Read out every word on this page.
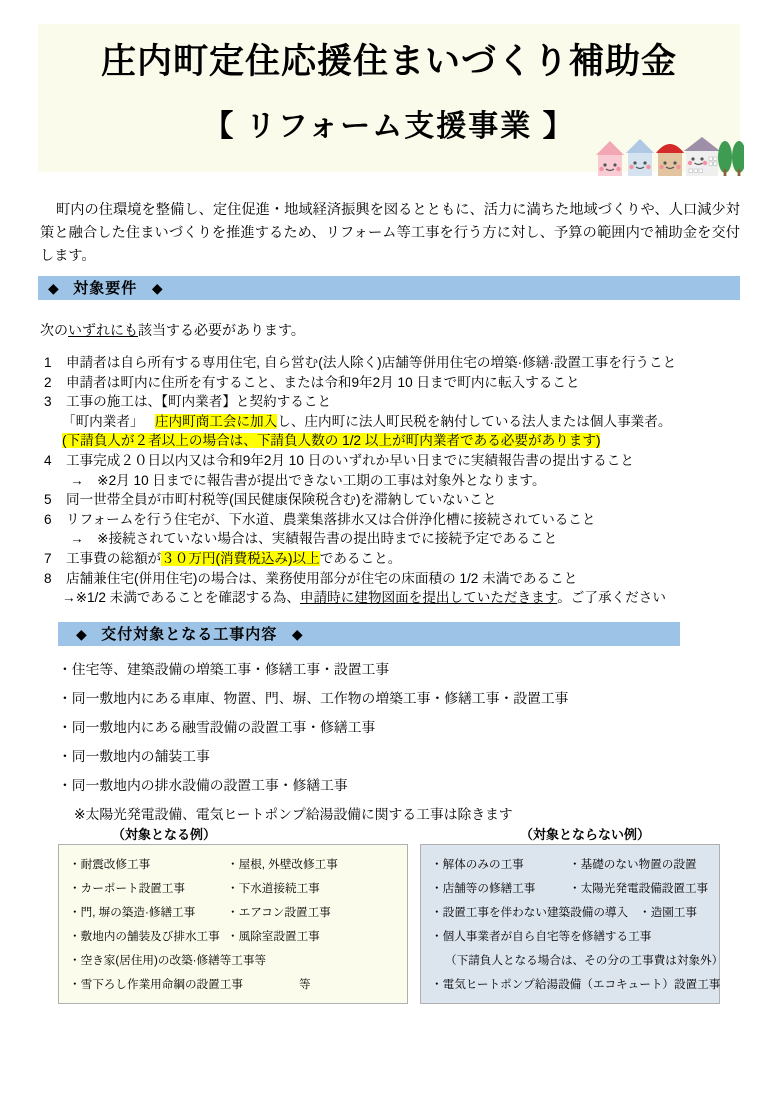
庄内町定住応援住まいづくり補助金
【 リフォーム支援事業 】

町内の住環境を整備し、定住促進・地域経済振興を図るとともに、活力に満ちた地域づくりや、人口減少対策と融合した住まいづくりを推進するため、リフォーム等工事を行う方に対し、予算の範囲内で補助金を交付します。

◆ 対象要件 ◆
次のいずれにも該当する必要があります。
1	申請者は自ら所有する専用住宅, 自ら営む(法人除く)店舗等併用住宅の増築·修繕·設置工事を行うこと
2	申請者は町内に住所を有すること、または令和9年2月 10 日まで町内に転入すること
3	工事の施工は、【町内業者】と契約すること
「町内業者」 庄内町商工会に加入し、庄内町に法人町民税を納付している法人または個人事業者。
(下請負人が２者以上の場合は、下請負人数の 1/2 以上が町内業者である必要があります)
4	工事完成２０日以内又は令和9年2月 10 日のいずれか早い日までに実績報告書の提出すること
→　※2月 10 日までに報告書が提出できない工期の工事は対象外となります。
5	同一世帯全員が市町村税等(国民健康保険税含む)を滞納していないこと
6	リフォームを行う住宅が、下水道、農業集落排水又は合併浄化槽に接続されていること
→　※接続されていない場合は、実績報告書の提出時までに接続予定であること
7	工事費の総額が３０万円(消費税込み)以上であること。
8	店舗兼住宅(併用住宅)の場合は、業務使用部分が住宅の床面積の 1/2 未満であること
→※1/2 未満であることを確認する為、申請時に建物図面を提出していただきます。ご了承ください
◆ 交付対象となる工事内容 ◆
・住宅等、建築設備の増築工事・修繕工事・設置工事
・同一敷地内にある車庫、物置、門、塀、工作物の増築工事・修繕工事・設置工事
・同一敷地内にある融雪設備の設置工事・修繕工事
・同一敷地内の舗装工事
・同一敷地内の排水設備の設置工事・修繕工事
※太陽光発電設備、電気ヒートポンプ給湯設備に関する工事は除きます
（対象となる例）
・耐震改修工事	・屋根, 外壁改修工事
・カーポート設置工事	・下水道接続工事
・門, 塀の築造·修繕工事	・エアコン設置工事
・敷地内の舗装及び排水工事 ・風除室設置工事
・空き家(居住用)の改築·修繕等工事等
・雪下ろし作業用命綱の設置工事	等
（対象とならない例）
・解体のみの工事	・基礎のない物置の設置
・店舗等の修繕工事	・太陽光発電設備設置工事
・設置工事を伴わない建築設備の導入 ・造園工事
・個人事業者が自ら自宅等を修繕する工事
（下請負人となる場合は、その分の工事費は対象外）
・電気ヒートポンプ給湯設備（エコキュート）設置工事
